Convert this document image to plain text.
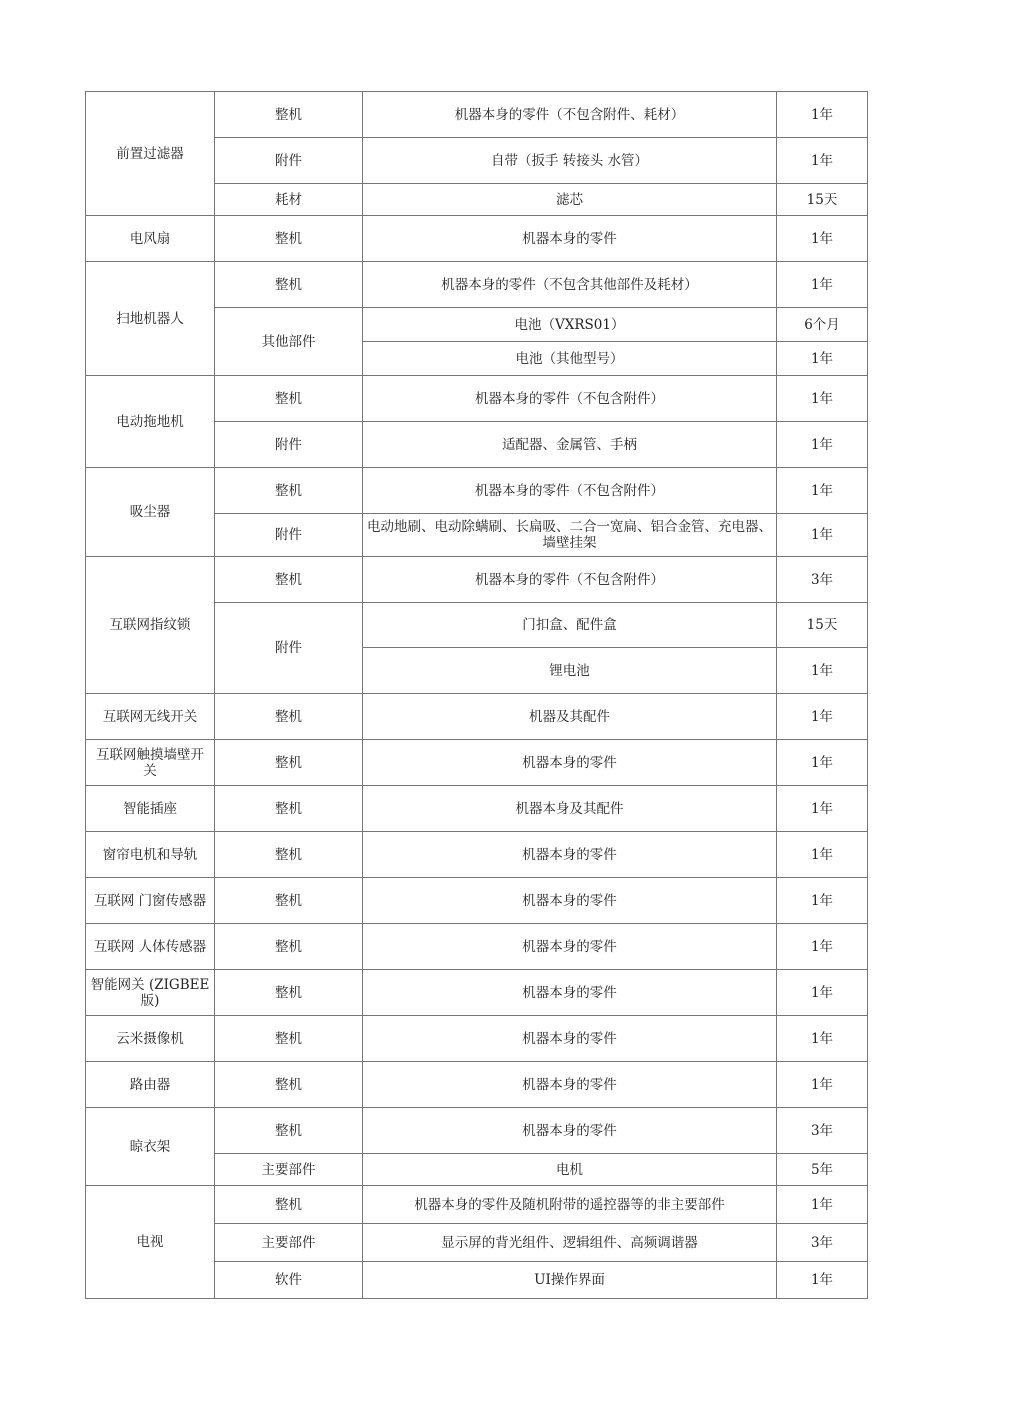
前置过滤器	整机	机器本身的零件（不包含附件、耗材）	1年
	附件	自带（扳手 转接头 水管）	1年
	耗材	滤芯	15天
电风扇	整机	机器本身的零件	1年
扫地机器人	整机	机器本身的零件（不包含其他部件及耗材）	1年
	其他部件	电池（VXRS01）	6个月
		电池（其他型号）	1年
电动拖地机	整机	机器本身的零件（不包含附件）	1年
	附件	适配器、金属管、手柄	1年
吸尘器	整机	机器本身的零件（不包含附件）	1年
	附件	电动地刷、电动除螨刷、长扁吸、二合一宽扁、铝合金管、充电器、墙壁挂架	1年
互联网指纹锁	整机	机器本身的零件（不包含附件）	3年
	附件	门扣盒、配件盒	15天
		锂电池	1年
互联网无线开关	整机	机器及其配件	1年
互联网触摸墙壁开关	整机	机器本身的零件	1年
智能插座	整机	机器本身及其配件	1年
窗帘电机和导轨	整机	机器本身的零件	1年
互联网 门窗传感器	整机	机器本身的零件	1年
互联网 人体传感器	整机	机器本身的零件	1年
智能网关 (ZIGBEE版)	整机	机器本身的零件	1年
云米摄像机	整机	机器本身的零件	1年
路由器	整机	机器本身的零件	1年
晾衣架	整机	机器本身的零件	3年
	主要部件	电机	5年
电视	整机	机器本身的零件及随机附带的遥控器等的非主要部件	1年
	主要部件	显示屏的背光组件、逻辑组件、高频调谐器	3年
	软件	UI操作界面	1年
